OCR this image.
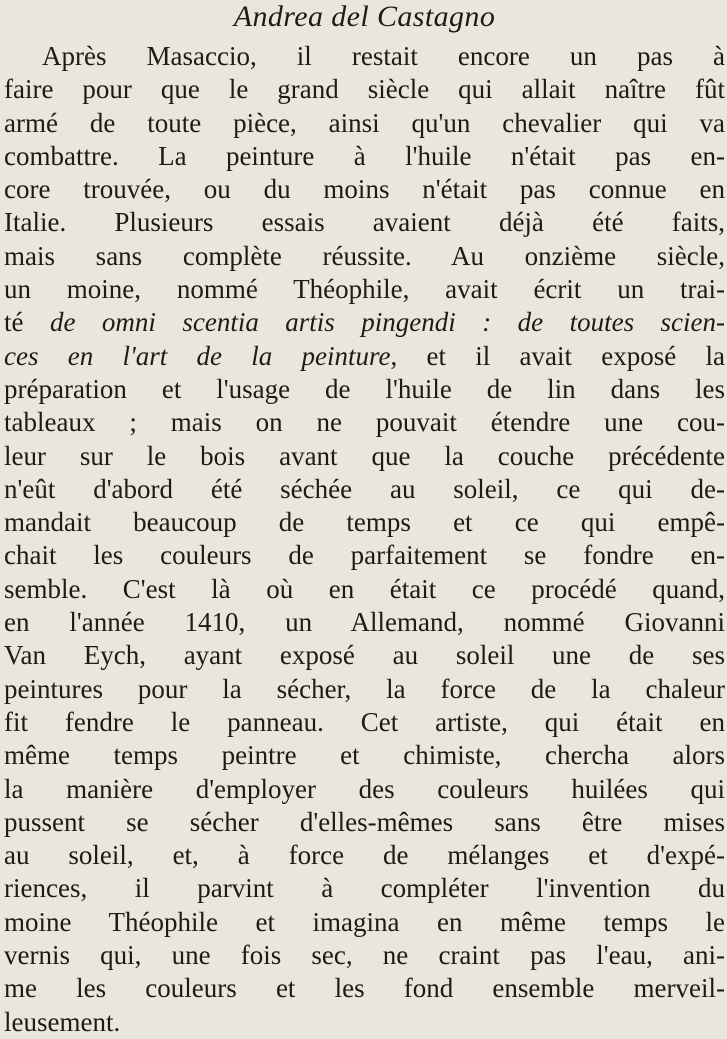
Andrea del Castagno
Après Masaccio, il restait encore un pas à
faire pour que le grand siècle qui allait naître fût
armé de toute pièce, ainsi qu'un chevalier qui va
combattre. La peinture à l'huile n'était pas en-
core trouvée, ou du moins n'était pas connue en
Italie. Plusieurs essais avaient déjà été faits,
mais sans complète réussite. Au onzième siècle,
un moine, nommé Théophile, avait écrit un trai-
té de omni scentia artis pingendi : de toutes scien-
ces en l'art de la peinture, et il avait exposé la
préparation et l'usage de l'huile de lin dans les
tableaux ; mais on ne pouvait étendre une cou-
leur sur le bois avant que la couche précédente
n'eût d'abord été séchée au soleil, ce qui de-
mandait beaucoup de temps et ce qui empê-
chait les couleurs de parfaitement se fondre en-
semble. C'est là où en était ce procédé quand,
en l'année 1410, un Allemand, nommé Giovanni
Van Eych, ayant exposé au soleil une de ses
peintures pour la sécher, la force de la chaleur
fit fendre le panneau. Cet artiste, qui était en
même temps peintre et chimiste, chercha alors
la manière d'employer des couleurs huilées qui
pussent se sécher d'elles-mêmes sans être mises
au soleil, et, à force de mélanges et d'expé-
riences, il parvint à compléter l'invention du
moine Théophile et imagina en même temps le
vernis qui, une fois sec, ne craint pas l'eau, ani-
me les couleurs et les fond ensemble merveil-
leusement.
